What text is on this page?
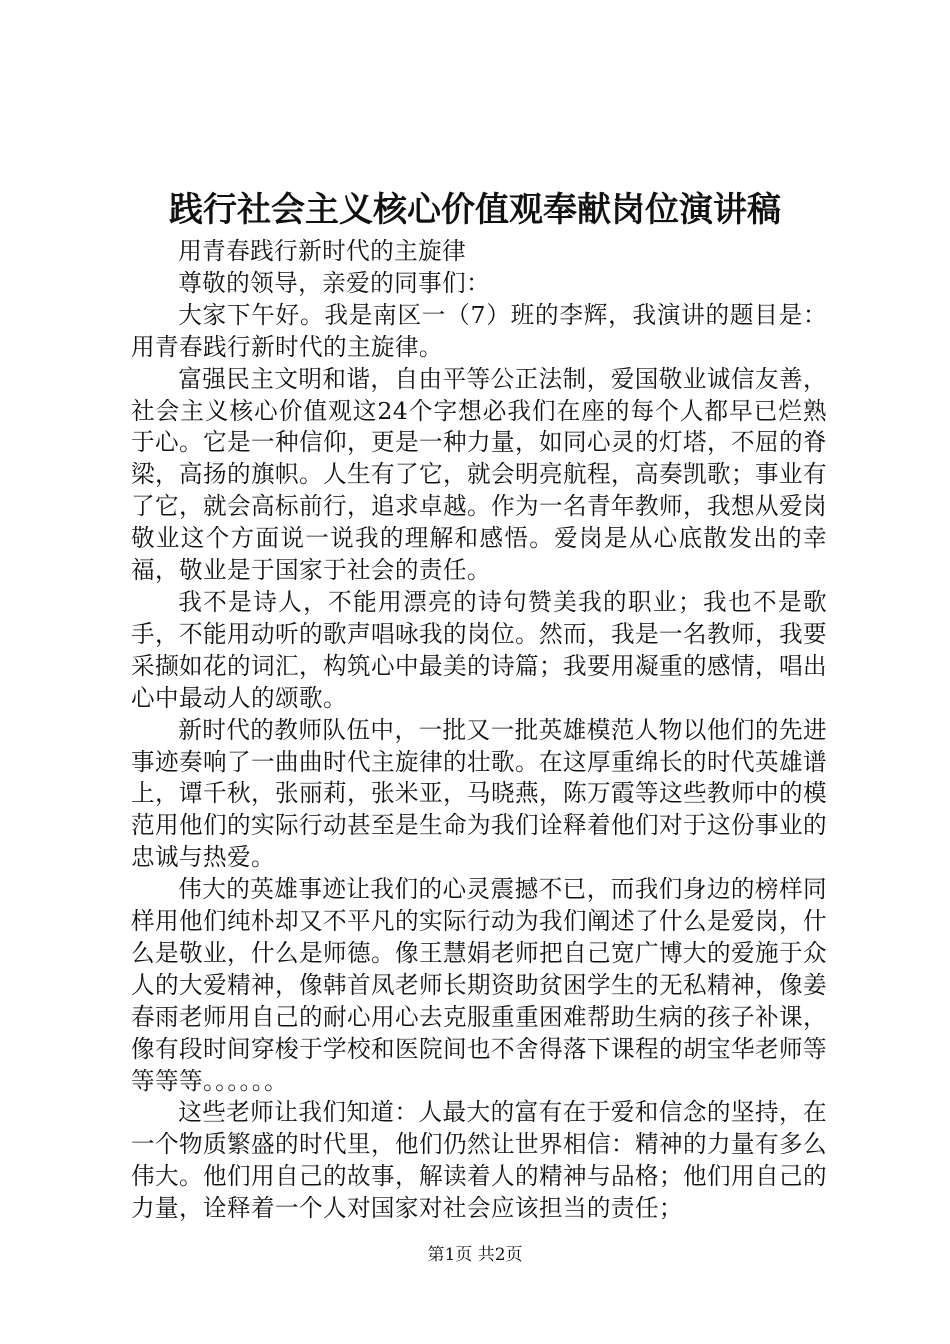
践行社会主义核心价值观奉献岗位演讲稿

用青春践行新时代的主旋律

尊敬的领导，亲爱的同事们：

大家下午好。我是南区一（7）班的李辉，我演讲的题目是：用青春践行新时代的主旋律。

富强民主文明和谐，自由平等公正法制，爱国敬业诚信友善，社会主义核心价值观这24个字想必我们在座的每个人都早已烂熟于心。它是一种信仰，更是一种力量，如同心灵的灯塔，不屈的脊梁，高扬的旗帜。人生有了它，就会明亮航程，高奏凯歌；事业有了它，就会高标前行，追求卓越。作为一名青年教师，我想从爱岗敬业这个方面说一说我的理解和感悟。爱岗是从心底散发出的幸福，敬业是于国家于社会的责任。

我不是诗人，不能用漂亮的诗句赞美我的职业；我也不是歌手，不能用动听的歌声唱咏我的岗位。然而，我是一名教师，我要采撷如花的词汇，构筑心中最美的诗篇；我要用凝重的感情，唱出心中最动人的颂歌。

新时代的教师队伍中，一批又一批英雄模范人物以他们的先进事迹奏响了一曲曲时代主旋律的壮歌。在这厚重绵长的时代英雄谱上，谭千秋，张丽莉，张米亚，马晓燕，陈万霞等这些教师中的模范用他们的实际行动甚至是生命为我们诠释着他们对于这份事业的忠诚与热爱。

伟大的英雄事迹让我们的心灵震撼不已，而我们身边的榜样同样用他们纯朴却又不平凡的实际行动为我们阐述了什么是爱岗，什么是敬业，什么是师德。像王慧娟老师把自己宽广博大的爱施于众人的大爱精神，像韩首凤老师长期资助贫困学生的无私精神，像姜春雨老师用自己的耐心用心去克服重重困难帮助生病的孩子补课，像有段时间穿梭于学校和医院间也不舍得落下课程的胡宝华老师等等等等。。。。。。

这些老师让我们知道：人最大的富有在于爱和信念的坚持，在一个物质繁盛的时代里，他们仍然让世界相信：精神的力量有多么伟大。他们用自己的故事，解读着人的精神与品格；他们用自己的力量，诠释着一个人对国家对社会应该担当的责任；

第1页 共2页
